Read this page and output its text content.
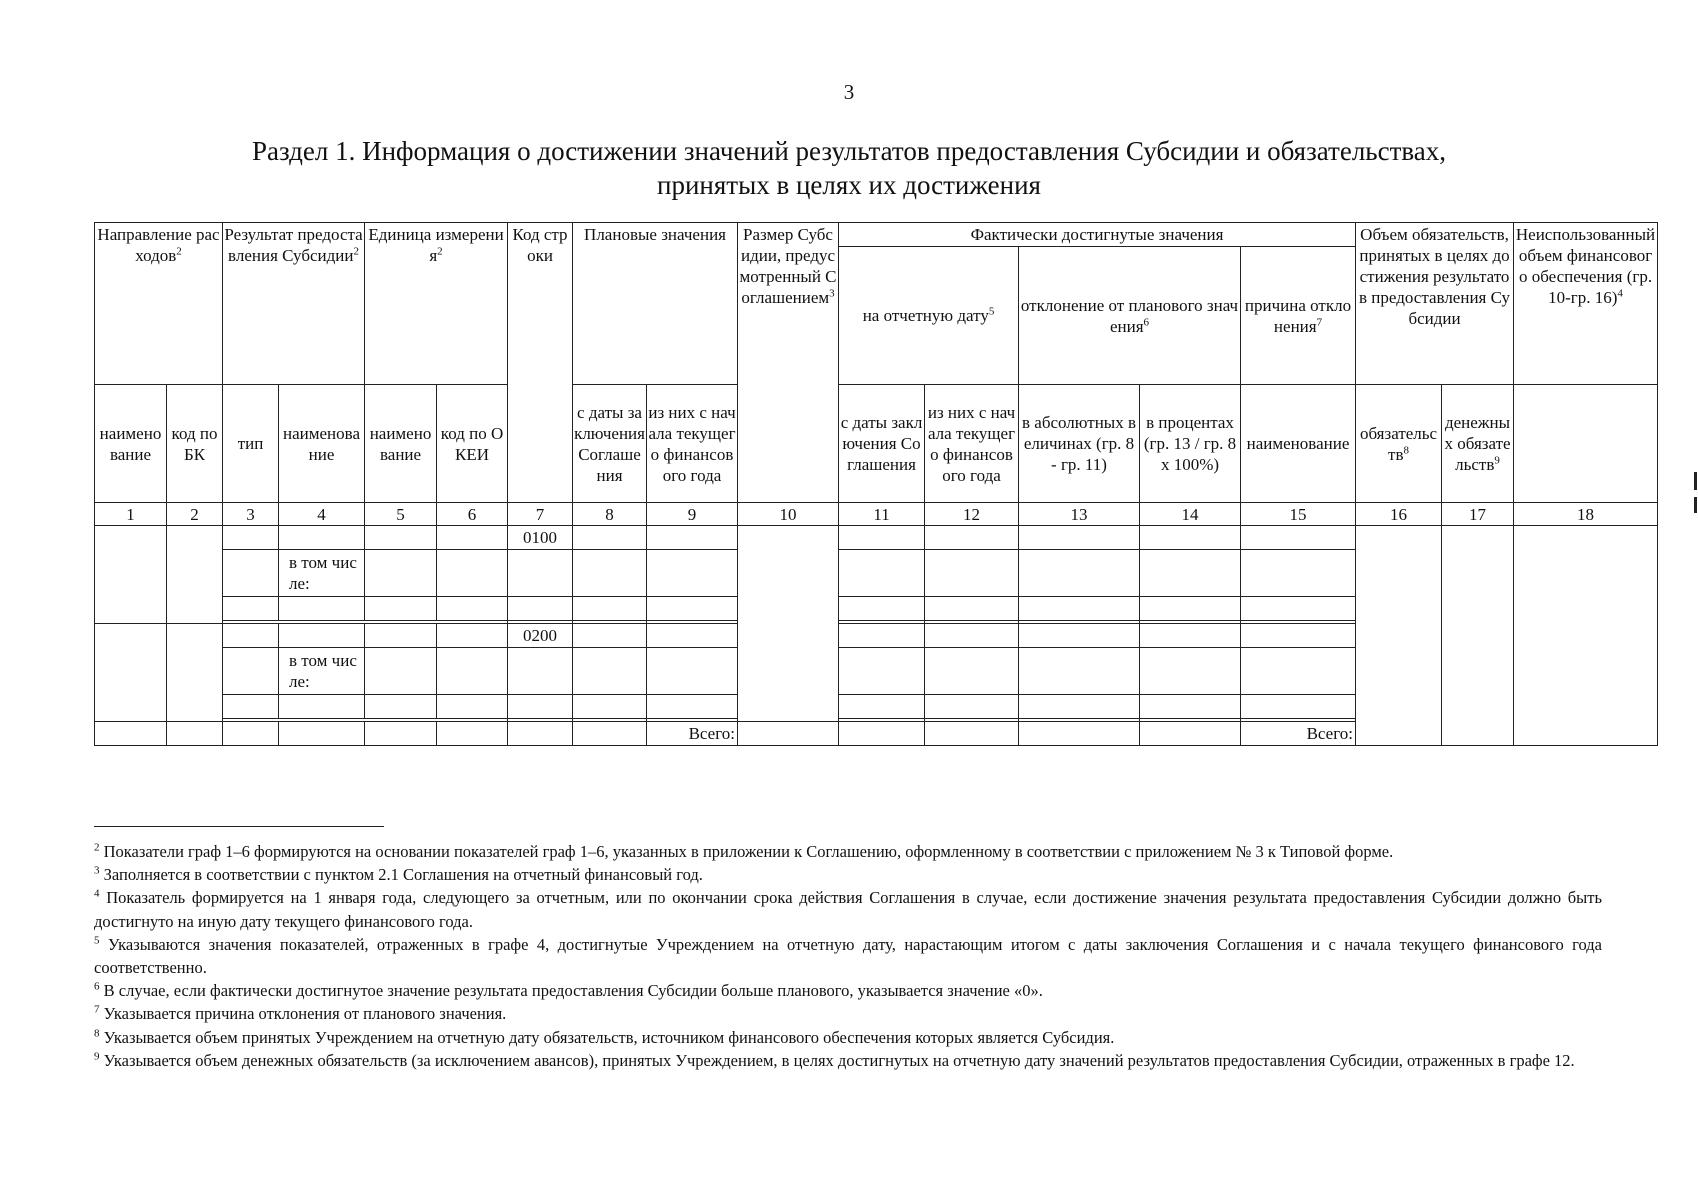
3
Раздел 1. Информация о достижении значений результатов предоставления Субсидии и обязательствах,
принятых в целях их достижения
Направление расходов$^2$		Результат предоставления Субсидии$^2$		Единица измерения$^2$		Код строки	Плановые значения		Размер Субсидии, предусмотренный Соглашением$^3$	Фактически достигнутые значения					Объем обязательств, принятых в целях достижения результатов предоставления Субсидии		Неиспользованный объем финансового обеспечения (гр. 10-гр. 16)$^4$
										на отчетную дату$^5$		отклонение от планового значения$^6$		причина отклонения$^7$
наименование	код по БК	тип	наименование	наименование	код по ОКЕИ		с даты заключения Соглашения	из них с начала текущего финансового года		с даты заключения Соглашения	из них с начала текущего финансового года	в абсолютных величинах (гр. 8 - гр. 11)	в процентах (гр. 13 / гр. 8 x 100%)	наименование	обязательств$^8$	денежных обязательств$^9$	
1	2	3	4	5	6	7	8	9	10	11	12	13	14	15	16	17	18
						0100											
			в том числе:														

						0200											
			в том числе:														

								Всего:						Всего:			

$^2$ Показатели граф 1–6 формируются на основании показателей граф 1–6, указанных в приложении к Соглашению, оформленному в соответствии с приложением № 3 к Типовой форме.

$^3$ Заполняется в соответствии с пунктом 2.1 Соглашения на отчетный финансовый год.

$^4$ Показатель формируется на 1 января года, следующего за отчетным, или по окончании срока действия Соглашения в случае, если достижение значения результата предоставления Субсидии должно быть достигнуто на иную дату текущего финансового года.

$^5$ Указываются значения показателей, отраженных в графе 4, достигнутые Учреждением на отчетную дату, нарастающим итогом с даты заключения Соглашения и с начала текущего финансового года соответственно.

$^6$ В случае, если фактически достигнутое значение результата предоставления Субсидии больше планового, указывается значение «0».

$^7$ Указывается причина отклонения от планового значения.

$^8$ Указывается объем принятых Учреждением на отчетную дату обязательств, источником финансового обеспечения которых является Субсидия.

$^9$ Указывается объем денежных обязательств (за исключением авансов), принятых Учреждением, в целях достигнутых на отчетную дату значений результатов предоставления Субсидии, отраженных в графе 12.
